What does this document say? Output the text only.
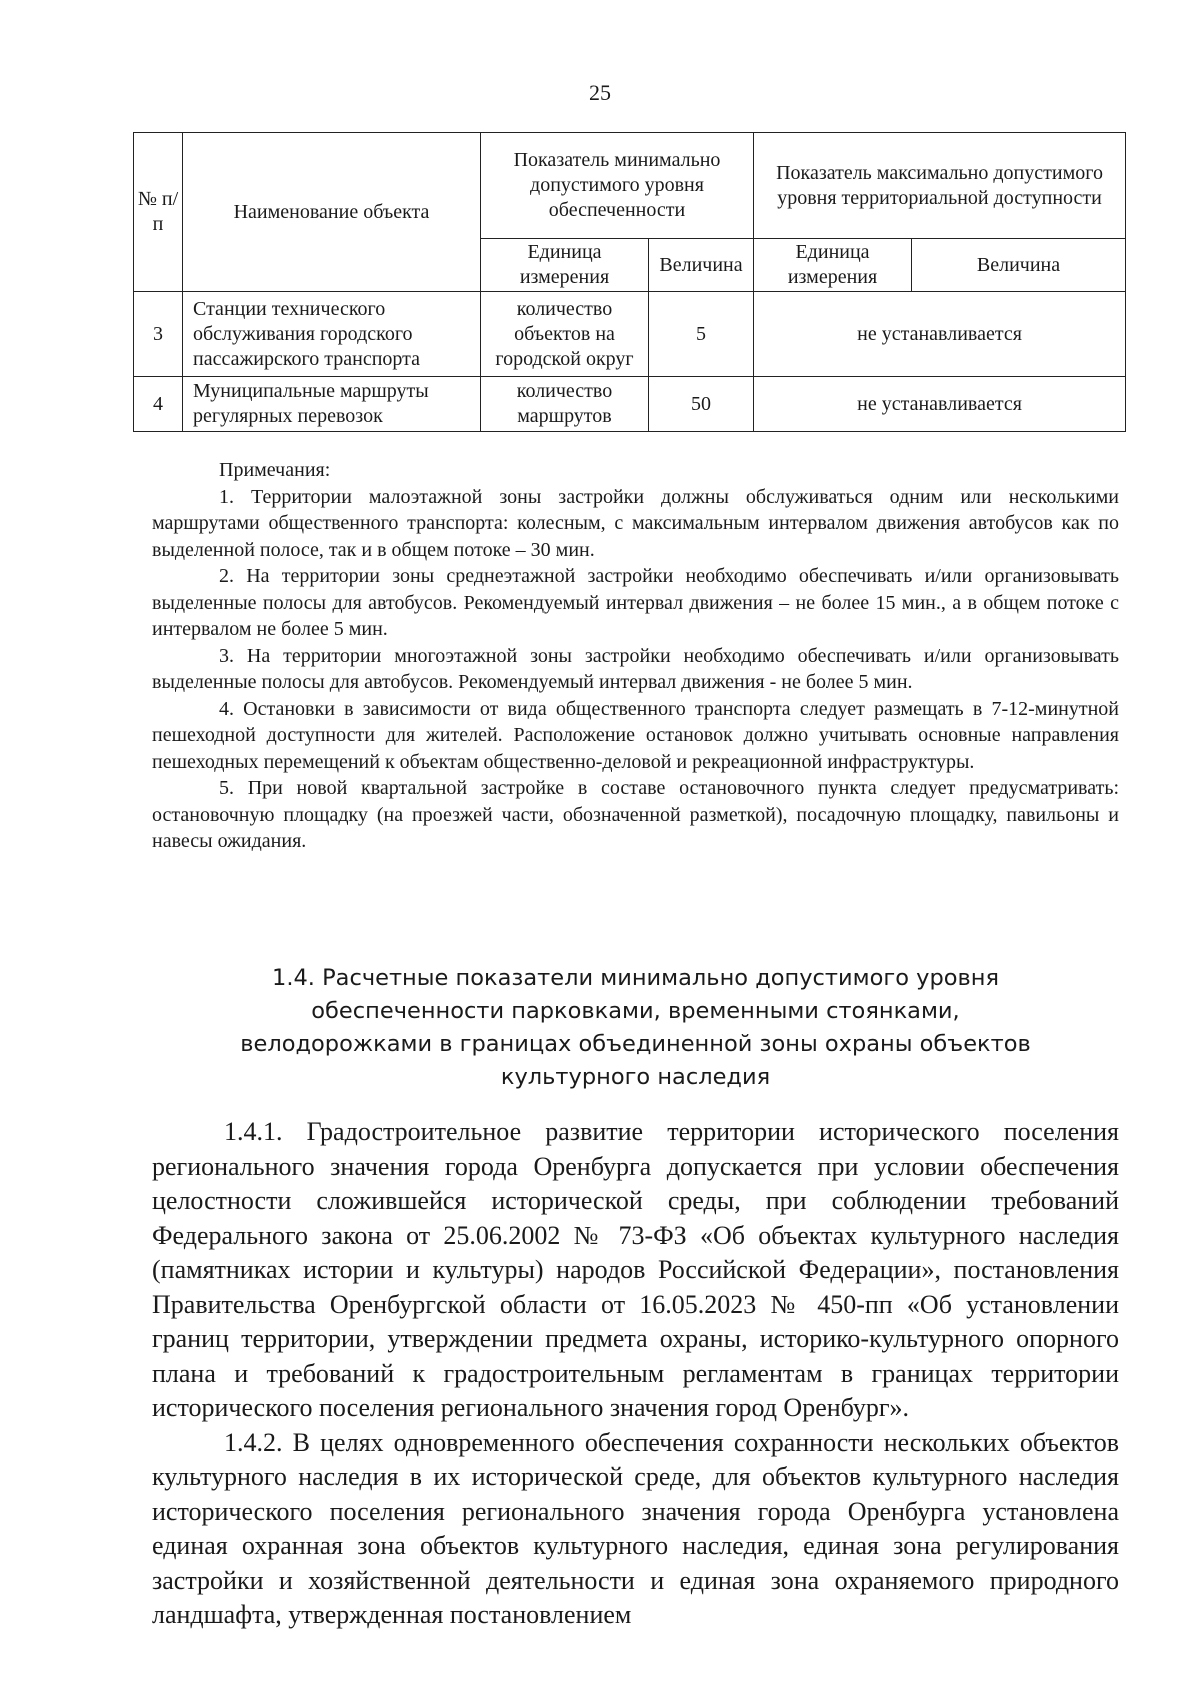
25
№ п/п	Наименование объекта	Показатель минимально допустимого уровня обеспеченности		Показатель максимально допустимого уровня территориальной доступности	
		Единица измерения	Величина	Единица измерения	Величина
3	Станции технического обслуживания городского пассажирского транспорта	количество объектов на городской округ	5	не устанавливается	
4	Муниципальные маршруты регулярных перевозок	количество маршрутов	50	не устанавливается	

Примечания:

1. Территории малоэтажной зоны застройки должны обслуживаться одним или несколькими маршрутами общественного транспорта: колесным, с максимальным интервалом движения автобусов как по выделенной полосе, так и в общем потоке – 30 мин.

2. На территории зоны среднеэтажной застройки необходимо обеспечивать и/или организовывать выделенные полосы для автобусов. Рекомендуемый интервал движения – не более 15 мин., а в общем потоке с интервалом не более 5 мин.

3. На территории многоэтажной зоны застройки необходимо обеспечивать и/или организовывать выделенные полосы для автобусов. Рекомендуемый интервал движения - не более 5 мин.

4. Остановки в зависимости от вида общественного транспорта следует размещать в 7-12-минутной пешеходной доступности для жителей. Расположение остановок должно учитывать основные направления пешеходных перемещений к объектам общественно-деловой и рекреационной инфраструктуры.

5. При новой квартальной застройке в составе остановочного пункта следует предусматривать: остановочную площадку (на проезжей части, обозначенной разметкой), посадочную площадку, павильоны и навесы ожидания.

1.4. Расчетные показатели минимально допустимого уровня
обеспеченности парковками, временными стоянками,
велодорожками в границах объединенной зоны охраны объектов
культурного наследия

1.4.1. Градостроительное развитие территории исторического поселения регионального значения города Оренбурга допускается при условии обеспечения целостности сложившейся исторической среды, при соблюдении требований Федерального закона от 25.06.2002 № 73-ФЗ «Об объектах культурного наследия (памятниках истории и культуры) народов Российской Федерации», постановления Правительства Оренбургской области от 16.05.2023 № 450-пп «Об установлении границ территории, утверждении предмета охраны, историко-культурного опорного плана и требований к градостроительным регламентам в границах территории исторического поселения регионального значения город Оренбург».

1.4.2. В целях одновременного обеспечения сохранности нескольких объектов культурного наследия в их исторической среде, для объектов культурного наследия исторического поселения регионального значения города Оренбурга установлена единая охранная зона объектов культурного наследия, единая зона регулирования застройки и хозяйственной деятельности и единая зона охраняемого природного ландшафта, утвержденная постановлением
